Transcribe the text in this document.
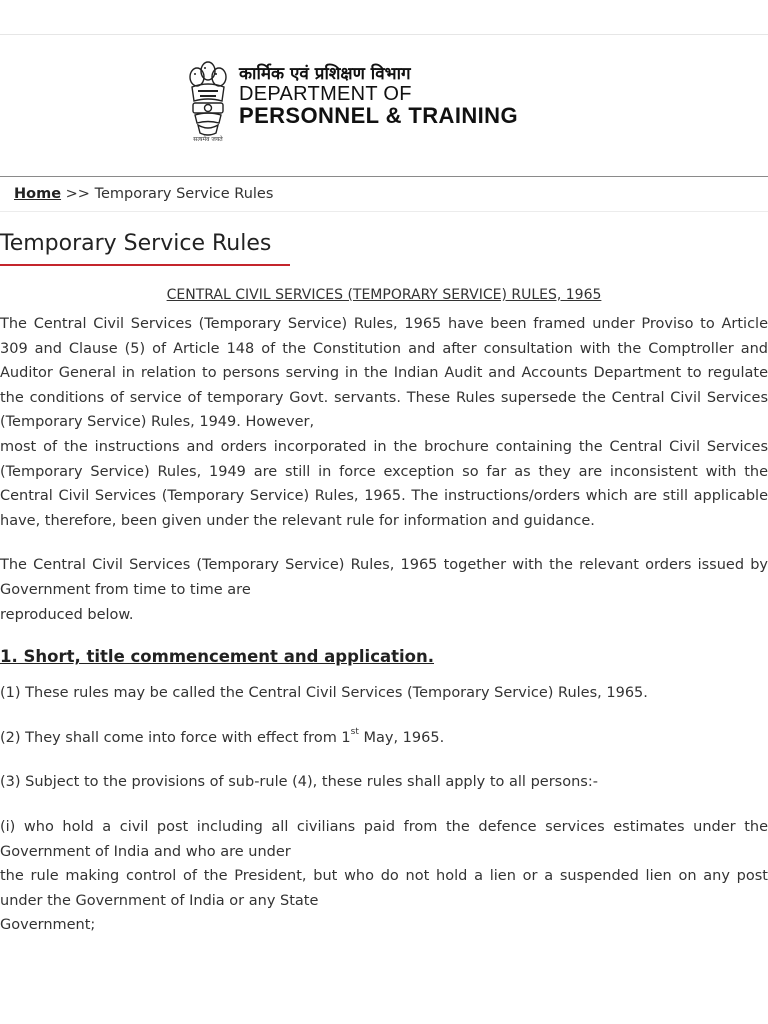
सत्यमेव जयते
कार्मिक एवं प्रशिक्षण विभाग
DEPARTMENT OF
PERSONNEL & TRAINING
Home >> Temporary Service Rules
Temporary Service Rules

CENTRAL CIVIL SERVICES (TEMPORARY SERVICE) RULES, 1965

The Central Civil Services (Temporary Service) Rules, 1965 have been framed under Proviso to Article 309 and Clause (5) of Article 148 of the Constitution and after consultation with the Comptroller and Auditor General in relation to persons serving in the Indian Audit and Accounts Department to regulate the conditions of service of temporary Govt. servants. These Rules supersede the Central Civil Services (Temporary Service) Rules, 1949. However,

most of the instructions and orders incorporated in the brochure containing the Central Civil Services (Temporary Service) Rules, 1949 are still in force exception so far as they are inconsistent with the Central Civil Services (Temporary Service) Rules, 1965. The instructions/orders which are still applicable have, therefore, been given under the relevant rule for information and guidance.

The Central Civil Services (Temporary Service) Rules, 1965 together with the relevant orders issued by Government from time to time are

reproduced below.

1. Short, title commencement and application.

(1) These rules may be called the Central Civil Services (Temporary Service) Rules, 1965.

(2) They shall come into force with effect from 1st May, 1965.

(3) Subject to the provisions of sub-rule (4), these rules shall apply to all persons:-

(i) who hold a civil post including all civilians paid from the defence services estimates under the Government of India and who are under

the rule making control of the President, but who do not hold a lien or a suspended lien on any post under the Government of India or any State

Government;
